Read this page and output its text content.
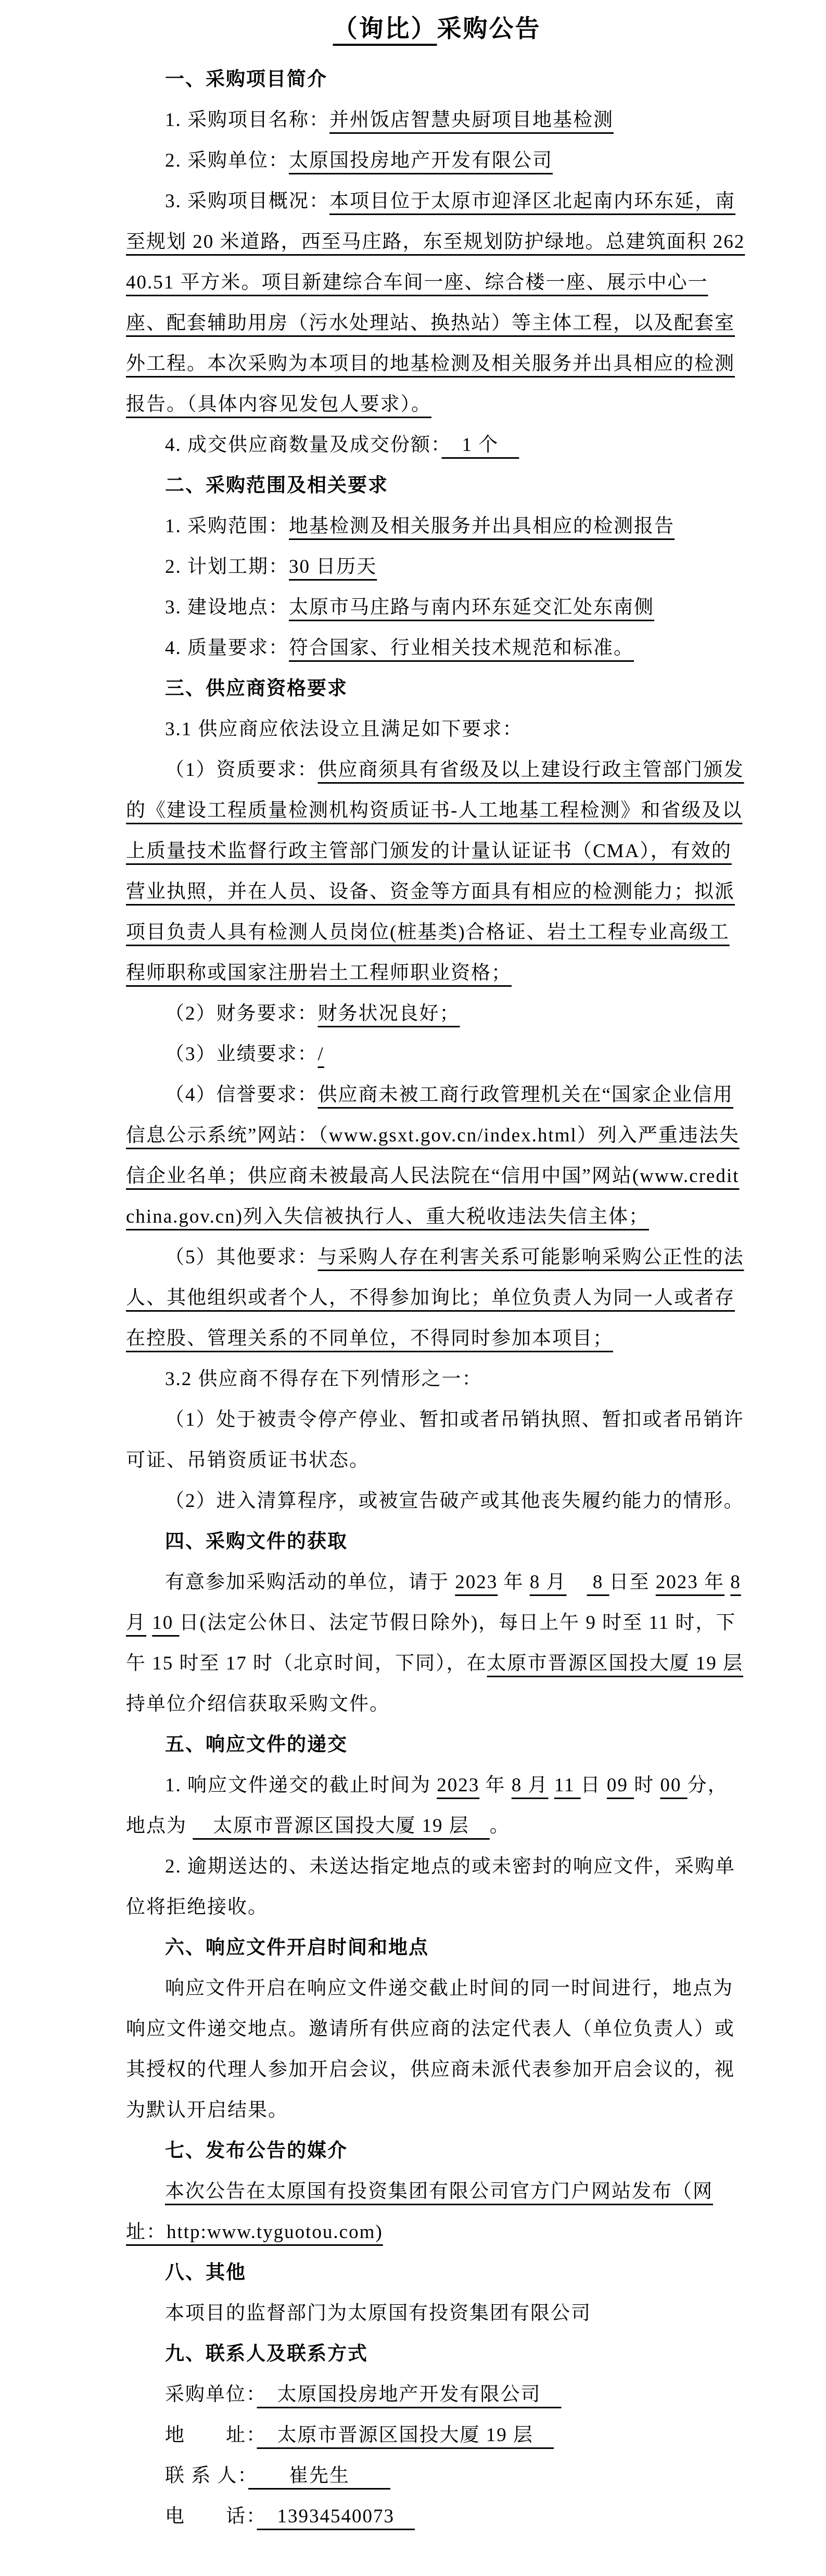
（询比）采购公告
一、采购项目简介

1. 采购项目名称：并州饭店智慧央厨项目地基检测

2. 采购单位：太原国投房地产开发有限公司

3. 采购项目概况：本项目位于太原市迎泽区北起南内环东延，南至规划 20 米道路，西至马庄路，东至规划防护绿地。总建筑面积 26240.51 平方米。项目新建综合车间一座、综合楼一座、展示中心一座、配套辅助用房（污水处理站、换热站）等主体工程，以及配套室外工程。本次采购为本项目的地基检测及相关服务并出具相应的检测报告。（具体内容见发包人要求）。

4. 成交供应商数量及成交份额：　1 个　

二、采购范围及相关要求

1. 采购范围：地基检测及相关服务并出具相应的检测报告

2. 计划工期：30 日历天

3. 建设地点：太原市马庄路与南内环东延交汇处东南侧

4. 质量要求：符合国家、行业相关技术规范和标准。

三、供应商资格要求

3.1 供应商应依法设立且满足如下要求：

（1）资质要求：供应商须具有省级及以上建设行政主管部门颁发的《建设工程质量检测机构资质证书-人工地基工程检测》和省级及以上质量技术监督行政主管部门颁发的计量认证证书（CMA），有效的营业执照，并在人员、设备、资金等方面具有相应的检测能力；拟派项目负责人具有检测人员岗位(桩基类)合格证、岩土工程专业高级工程师职称或国家注册岩土工程师职业资格；

（2）财务要求：财务状况良好；

（3）业绩要求：/

（4）信誉要求：供应商未被工商行政管理机关在“国家企业信用信息公示系统”网站：（www.gsxt.gov.cn/index.html）列入严重违法失信企业名单；供应商未被最高人民法院在“信用中国”网站(www.creditchina.gov.cn)列入失信被执行人、重大税收违法失信主体；

（5）其他要求：与采购人存在利害关系可能影响采购公正性的法人、其他组织或者个人，不得参加询比；单位负责人为同一人或者存在控股、管理关系的不同单位，不得同时参加本项目；

3.2 供应商不得存在下列情形之一：

（1）处于被责令停产停业、暂扣或者吊销执照、暂扣或者吊销许可证、吊销资质证书状态。

（2）进入清算程序，或被宣告破产或其他丧失履约能力的情形。

四、采购文件的获取

有意参加采购活动的单位，请于 2023 年 8 月　 8 日至 2023 年 8 月 10 日(法定公休日、法定节假日除外)，每日上午 9 时至 11 时，下午 15 时至 17 时（北京时间，下同），在太原市晋源区国投大厦 19 层 持单位介绍信获取采购文件。

五、响应文件的递交

1. 响应文件递交的截止时间为 2023 年 8 月 11 日 09 时 00 分，地点为 　太原市晋源区国投大厦 19 层　。

2. 逾期送达的、未送达指定地点的或未密封的响应文件，采购单位将拒绝接收。

六、响应文件开启时间和地点

响应文件开启在响应文件递交截止时间的同一时间进行，地点为响应文件递交地点。邀请所有供应商的法定代表人（单位负责人）或其授权的代理人参加开启会议，供应商未派代表参加开启会议的，视为默认开启结果。

七、发布公告的媒介

本次公告在太原国有投资集团有限公司官方门户网站发布（网址：http:www.tyguotou.com)　

八、其他

本项目的监督部门为太原国有投资集团有限公司

九、联系人及联系方式

采购单位：　太原国投房地产开发有限公司　

地　　址：　太原市晋源区国投大厦 19 层　

联 系 人：　　崔先生　　

电　　话：　13934540073　
